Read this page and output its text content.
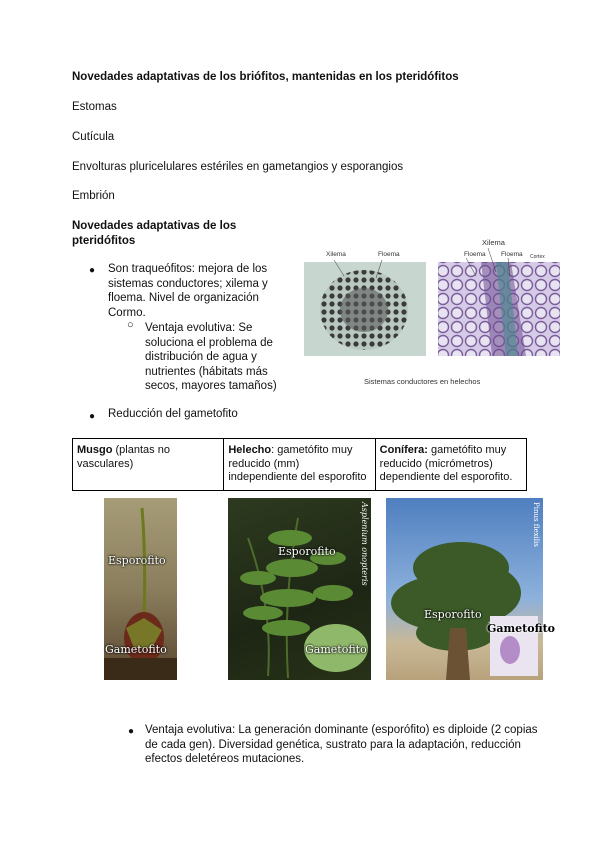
Novedades adaptativas de los briófitos, mantenidas en los pteridófitos
Estomas
Cutícula
Envolturas pluricelulares estériles en gametangios y esporangios
Embrión
Novedades adaptativas de los
pteridófitos
● Son traqueófitos: mejora de los
sistemas conductores; xilema y
floema. Nivel de organización
Cormo.
○ Ventaja evolutiva: Se
soluciona el problema de
distribución de agua y
nutrientes (hábitats más
secos, mayores tamaños)
● Reducción del gametofito
Xilema	Floema
Xilema
Floema Floema Cortex
Sistemas conductores en helechos
Musgo (plantas no vasculares)	Helecho: gametófito muy reducido (mm) independiente del esporofito	Conífera: gametófito muy reducido (micrómetros) dependiente del esporofito.
Esporofito
Gametofito
Esporofito
Gametofito
Asplenium onopteris
Esporofito
Gametofito
Pinus flexilis
● Ventaja evolutiva: La generación dominante (esporófito) es diploide (2 copias
de cada gen). Diversidad genética, sustrato para la adaptación, reducción
efectos deletéreos mutaciones.
